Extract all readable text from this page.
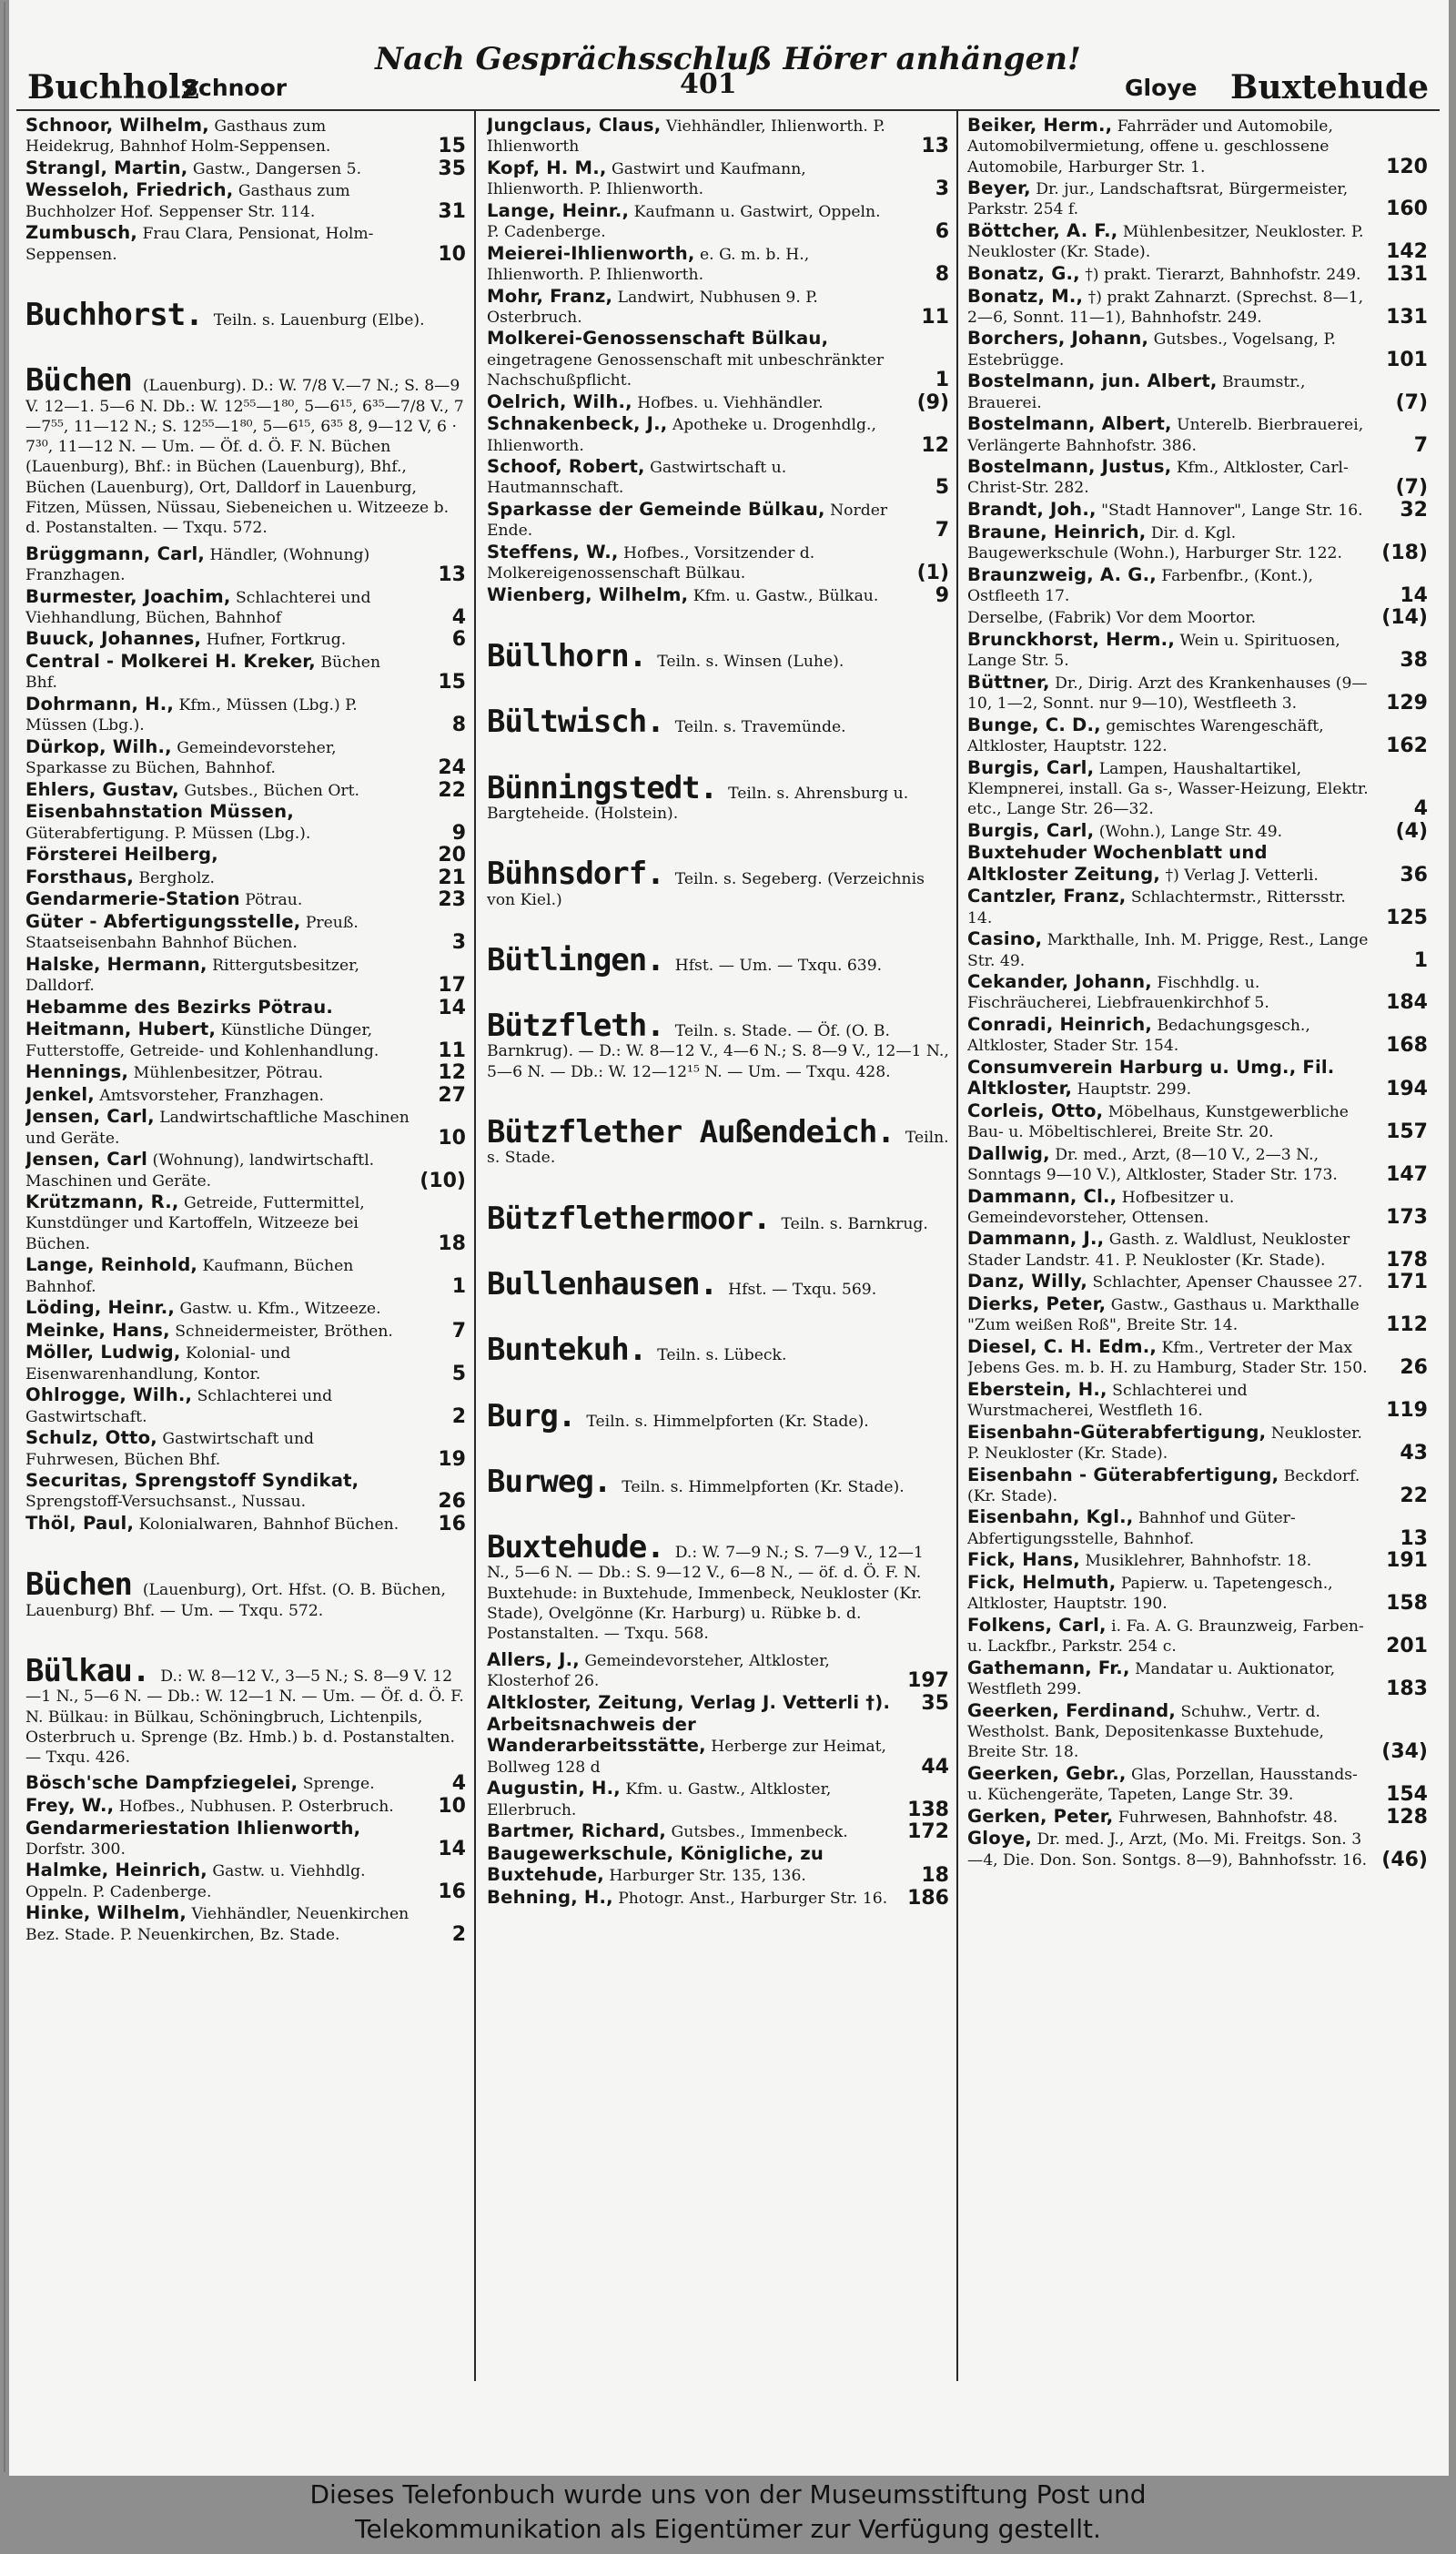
Nach Gesprächsschluß Hörer anhängen!
Buchholz
Schnoor	401	Gloye Buxtehude
Schnoor, Wilhelm, Gasthaus zum Heidekrug, Bahnhof Holm-Seppensen.	15
Strangl, Martin, Gastw., Dangersen 5.	35
Wesseloh, Friedrich, Gasthaus zum Buchholzer Hof. Seppenser Str. 114.	31
Zumbusch, Frau Clara, Pensionat, Holm-Seppensen.	10
Buchhorst. Teiln. s. Lauenburg (Elbe).
Büchen (Lauenburg). D.: W. 7/8 V.—7 N.; S. 8—9 V. 12—1. 5—6 N. Db.: W. 12⁵⁵—1⁸⁰, 5—6¹⁵, 6³⁵—7/8 V., 7—7⁵⁵, 11—12 N.; S. 12⁵⁵—1⁸⁰, 5—6¹⁵, 6³⁵ 8, 9—12 V, 6 · 7³⁰, 11—12 N. — Um. — Öf. d. Ö. F. N. Büchen (Lauenburg), Bhf.: in Büchen (Lauenburg), Bhf., Büchen (Lauenburg), Ort, Dalldorf in Lauenburg, Fitzen, Müssen, Nüssau, Siebeneichen u. Witzeeze b. d. Postanstalten. — Txqu. 572.
Brüggmann, Carl, Händler, (Wohnung) Franzhagen.	13
Burmester, Joachim, Schlachterei und Viehhandlung, Büchen, Bahnhof	4
Buuck, Johannes, Hufner, Fortkrug.	6
Central - Molkerei H. Kreker, Büchen Bhf.	15
Dohrmann, H., Kfm., Müssen (Lbg.) P. Müssen (Lbg.).	8
Dürkop, Wilh., Gemeindevorsteher, Sparkasse zu Büchen, Bahnhof.	24
Ehlers, Gustav, Gutsbes., Büchen Ort.	22
Eisenbahnstation Müssen, Güterabfertigung. P. Müssen (Lbg.).	9
Försterei Heilberg,	20
Forsthaus, Bergholz.	21
Gendarmerie-Station Pötrau.	23
Güter - Abfertigungsstelle, Preuß. Staatseisenbahn Bahnhof Büchen.	3
Halske, Hermann, Rittergutsbesitzer, Dalldorf.	17
Hebamme des Bezirks Pötrau.	14
Heitmann, Hubert, Künstliche Dünger, Futterstoffe, Getreide- und Kohlenhandlung.	11
Hennings, Mühlenbesitzer, Pötrau.	12
Jenkel, Amtsvorsteher, Franzhagen.	27
Jensen, Carl, Landwirtschaftliche Maschinen und Geräte.	10
Jensen, Carl (Wohnung), landwirtschaftl. Maschinen und Geräte.	(10)
Krützmann, R., Getreide, Futtermittel, Kunstdünger und Kartoffeln, Witzeeze bei Büchen.	18
Lange, Reinhold, Kaufmann, Büchen Bahnhof.	1
Löding, Heinr., Gastw. u. Kfm., Witzeeze.
Meinke, Hans, Schneidermeister, Bröthen.	7
Möller, Ludwig, Kolonial- und Eisenwarenhandlung, Kontor.	5
Ohlrogge, Wilh., Schlachterei und Gastwirtschaft.	2
Schulz, Otto, Gastwirtschaft und Fuhrwesen, Büchen Bhf.	19
Securitas, Sprengstoff Syndikat, Sprengstoff-Versuchsanst., Nussau.	26
Thöl, Paul, Kolonialwaren, Bahnhof Büchen. 16
Büchen (Lauenburg), Ort. Hfst. (O. B. Büchen, Lauenburg) Bhf. — Um. — Txqu. 572.
Bülkau. D.: W. 8—12 V., 3—5 N.; S. 8—9 V. 12—1 N., 5—6 N. — Db.: W. 12—1 N. — Um. — Öf. d. Ö. F. N. Bülkau: in Bülkau, Schöningbruch, Lichtenpils, Osterbruch u. Sprenge (Bz. Hmb.) b. d. Postanstalten. — Txqu. 426.
Bösch'sche Dampfziegelei, Sprenge.	4
Frey, W., Hofbes., Nubhusen. P. Osterbruch. 10
Gendarmeriestation Ihlienworth, Dorfstr. 300.	14
Halmke, Heinrich, Gastw. u. Viehhdlg. Oppeln. P. Cadenberge.	16
Hinke, Wilhelm, Viehhändler, Neuenkirchen Bez. Stade. P. Neuenkirchen, Bz. Stade.	2
Jungclaus, Claus, Viehhändler, Ihlienworth. P. Ihlienworth	13
Kopf, H. M., Gastwirt und Kaufmann, Ihlienworth. P. Ihlienworth.	3
Lange, Heinr., Kaufmann u. Gastwirt, Oppeln. P. Cadenberge.	6
Meierei-Ihlienworth, e. G. m. b. H., Ihlienworth. P. Ihlienworth.	8
Mohr, Franz, Landwirt, Nubhusen 9. P. Osterbruch.	11
Molkerei-Genossenschaft Bülkau, eingetragene Genossenschaft mit unbeschränkter Nachschußpflicht.	1
Oelrich, Wilh., Hofbes. u. Viehhändler.	(9)
Schnakenbeck, J., Apotheke u. Drogenhdlg., Ihlienworth.	12
Schoof, Robert, Gastwirtschaft u. Hautmannschaft.	5
Sparkasse der Gemeinde Bülkau, Norder Ende.	7
Steffens, W., Hofbes., Vorsitzender d. Molkereigenossenschaft Bülkau.	(1)
Wienberg, Wilhelm, Kfm. u. Gastw., Bülkau.	9
Büllhorn. Teiln. s. Winsen (Luhe).
Bültwisch. Teiln. s. Travemünde.
Bünningstedt. Teiln. s. Ahrensburg u. Bargteheide. (Holstein).
Bühnsdorf. Teiln. s. Segeberg. (Verzeichnis von Kiel.)
Bütlingen. Hfst. — Um. — Txqu. 639.
Bützfleth. Teiln. s. Stade. — Öf. (O. B. Barnkrug). — D.: W. 8—12 V., 4—6 N.; S. 8—9 V., 12—1 N., 5—6 N. — Db.: W. 12—12¹⁵ N. — Um. — Txqu. 428.
Bützflether Außendeich. Teiln. s. Stade.
Bützflethermoor. Teiln. s. Barnkrug.
Bullenhausen. Hfst. — Txqu. 569.
Buntekuh. Teiln. s. Lübeck.
Burg. Teiln. s. Himmelpforten (Kr. Stade).
Burweg. Teiln. s. Himmelpforten (Kr. Stade).
Buxtehude. D.: W. 7—9 N.; S. 7—9 V., 12—1 N., 5—6 N. — Db.: S. 9—12 V., 6—8 N., — öf. d. Ö. F. N. Buxtehude: in Buxtehude, Immenbeck, Neukloster (Kr. Stade), Ovelgönne (Kr. Harburg) u. Rübke b. d. Postanstalten. — Txqu. 568.
Allers, J., Gemeindevorsteher, Altkloster, Klosterhof 26.	197
Altkloster, Zeitung, Verlag J. Vetterli †). 35
Arbeitsnachweis der Wanderarbeitsstätte, Herberge zur Heimat, Bollweg 128 d	44
Augustin, H., Kfm. u. Gastw., Altkloster, Ellerbruch.	138
Bartmer, Richard, Gutsbes., Immenbeck.	172
Baugewerkschule, Königliche, zu Buxtehude, Harburger Str. 135, 136.	18
Behning, H., Photogr. Anst., Harburger Str. 16. 186
Beiker, Herm., Fahrräder und Automobile, Automobilvermietung, offene u. geschlossene Automobile, Harburger Str. 1.	120
Beyer, Dr. jur., Landschaftsrat, Bürgermeister, Parkstr. 254 f.	160
Böttcher, A. F., Mühlenbesitzer, Neukloster. P. Neukloster (Kr. Stade).	142
Bonatz, G., †) prakt. Tierarzt, Bahnhofstr. 249. 131
Bonatz, M., †) prakt Zahnarzt. (Sprechst. 8—1, 2—6, Sonnt. 11—1), Bahnhofstr. 249.	131
Borchers, Johann, Gutsbes., Vogelsang, P. Estebrügge.	101
Bostelmann, jun. Albert, Braumstr., Brauerei.	(7)
Bostelmann, Albert, Unterelb. Bierbrauerei, Verlängerte Bahnhofstr. 386.	7
Bostelmann, Justus, Kfm., Altkloster, Carl-Christ-Str. 282.	(7)
Brandt, Joh., "Stadt Hannover", Lange Str. 16. 32
Braune, Heinrich, Dir. d. Kgl. Baugewerkschule (Wohn.), Harburger Str. 122. (18)
Braunzweig, A. G., Farbenfbr., (Kont.), Ostfleeth 17.	14
Derselbe, (Fabrik) Vor dem Moortor.	(14)
Brunckhorst, Herm., Wein u. Spirituosen, Lange Str. 5.	38
Büttner, Dr., Dirig. Arzt des Krankenhauses (9—10, 1—2, Sonnt. nur 9—10), Westfleeth 3.	129
Bunge, C. D., gemischtes Warengeschäft, Altkloster, Hauptstr. 122.	162
Burgis, Carl, Lampen, Haushaltartikel, Klempnerei, install. Ga s-, Wasser-Heizung, Elektr. etc., Lange Str. 26—32.	4
Burgis, Carl, (Wohn.), Lange Str. 49.	(4)
Buxtehuder Wochenblatt und Altkloster Zeitung, †) Verlag J. Vetterli.	36
Cantzler, Franz, Schlachtermstr., Rittersstr. 14.	125
Casino, Markthalle, Inh. M. Prigge, Rest., Lange Str. 49.	1
Cekander, Johann, Fischhdlg. u. Fischräucherei, Liebfrauenkirchhof 5.	184
Conradi, Heinrich, Bedachungsgesch., Altkloster, Stader Str. 154.	168
Consumverein Harburg u. Umg., Fil. Altkloster, Hauptstr. 299.	194
Corleis, Otto, Möbelhaus, Kunstgewerbliche Bau- u. Möbeltischlerei, Breite Str. 20.	157
Dallwig, Dr. med., Arzt, (8—10 V., 2—3 N., Sonntags 9—10 V.), Altkloster, Stader Str. 173. 147
Dammann, Cl., Hofbesitzer u. Gemeindevorsteher, Ottensen.	173
Dammann, J., Gasth. z. Waldlust, Neukloster Stader Landstr. 41. P. Neukloster (Kr. Stade).	178
Danz, Willy, Schlachter, Apenser Chaussee 27. 171
Dierks, Peter, Gastw., Gasthaus u. Markthalle "Zum weißen Roß", Breite Str. 14.	112
Diesel, C. H. Edm., Kfm., Vertreter der Max Jebens Ges. m. b. H. zu Hamburg, Stader Str. 150. 26
Eberstein, H., Schlachterei und Wurstmacherei, Westfleth 16.	119
Eisenbahn-Güterabfertigung, Neukloster. P. Neukloster (Kr. Stade).	43
Eisenbahn - Güterabfertigung, Beckdorf. (Kr. Stade).	22
Eisenbahn, Kgl., Bahnhof und Güter-Abfertigungsstelle, Bahnhof.	13
Fick, Hans, Musiklehrer, Bahnhofstr. 18.	191
Fick, Helmuth, Papierw. u. Tapetengesch., Altkloster, Hauptstr. 190.	158
Folkens, Carl, i. Fa. A. G. Braunzweig, Farben- u. Lackfbr., Parkstr. 254 c.	201
Gathemann, Fr., Mandatar u. Auktionator, Westfleth 299.	183
Geerken, Ferdinand, Schuhw., Vertr. d. Westholst. Bank, Depositenkasse Buxtehude, Breite Str. 18.	(34)
Geerken, Gebr., Glas, Porzellan, Hausstands- u. Küchengeräte, Tapeten, Lange Str. 39.	154
Gerken, Peter, Fuhrwesen, Bahnhofstr. 48. 128
Gloye, Dr. med. J., Arzt, (Mo. Mi. Freitgs. Son. 3—4, Die. Don. Son. Sontgs. 8—9), Bahnhofsstr. 16. (46)
Dieses Telefonbuch wurde uns von der Museumsstiftung Post und
Telekommunikation als Eigentümer zur Verfügung gestellt.
